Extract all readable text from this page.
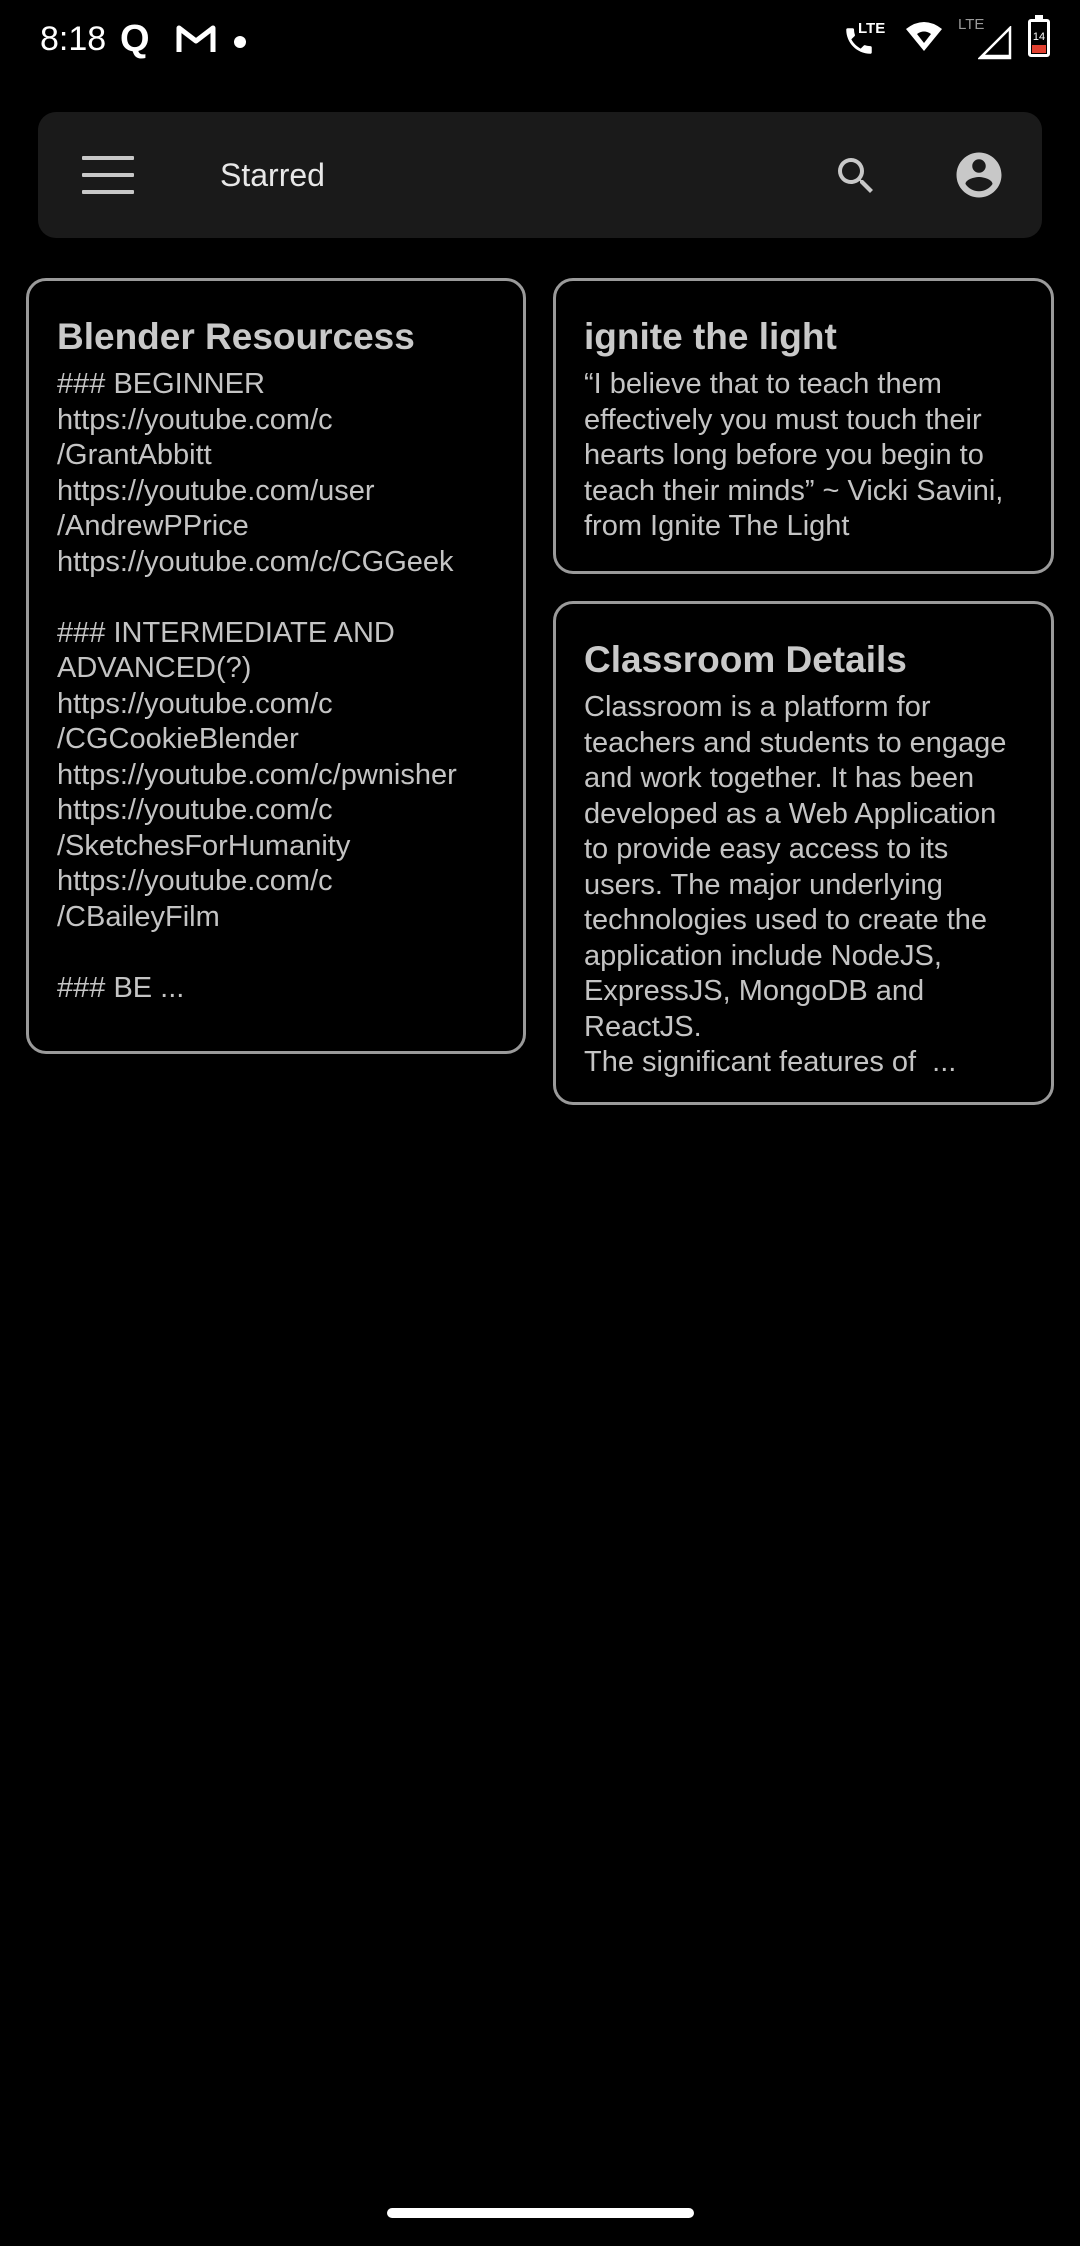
8:18 Q	LTE	LTE
14
Starred
Blender Resourcess
### BEGINNER
https://youtube.com/c
/GrantAbbitt
https://youtube.com/user
/AndrewPPrice
https://youtube.com/c/CGGeek

### INTERMEDIATE AND ADVANCED(?)
https://youtube.com/c
/CGCookieBlender
https://youtube.com/c/pwnisher
https://youtube.com/c
/SketchesForHumanity
https://youtube.com/c
/CBaileyFilm

### BE ...
ignite the light
“I believe that to teach them effectively you must touch their hearts long before you begin to teach their minds” ~ Vicki Savini, from Ignite The Light
Classroom Details
Classroom is a platform for teachers and students to engage and work together. It has been developed as a Web Application to provide easy access to its users. The major underlying technologies used to create the application include NodeJS, ExpressJS, MongoDB and ReactJS.
The significant features of  ...
